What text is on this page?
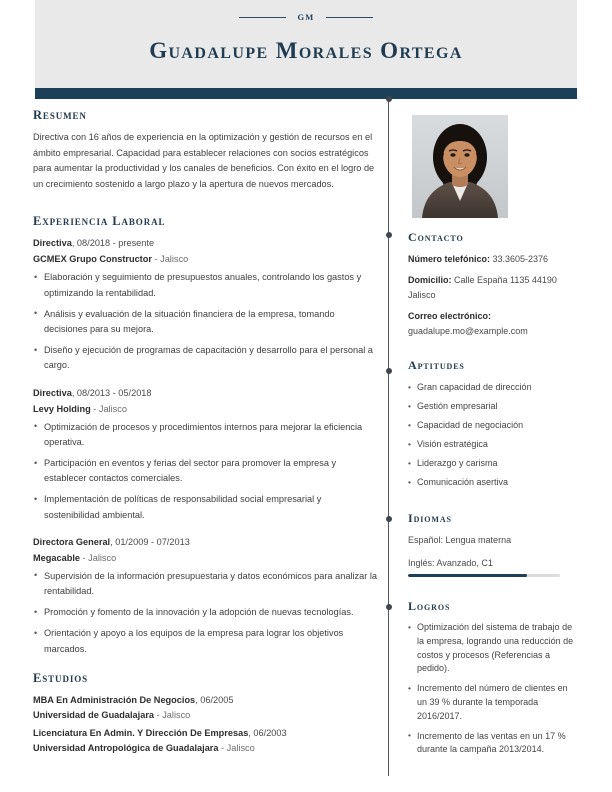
GM
Guadalupe Morales Ortega
Resumen

Directiva con 16 años de experiencia en la optimización y gestión de recursos en el ámbito empresarial. Capacidad para establecer relaciones con socios estratégicos para aumentar la productividad y los canales de beneficios. Con éxito en el logro de un crecimiento sostenido a largo plazo y la apertura de nuevos mercados.

Experiencia Laboral
Directiva, 08/2018 - presente
GCMEX Grupo Constructor - Jalisco
• Elaboración y seguimiento de presupuestos anuales, controlando los gastos y optimizando la rentabilidad.
• Análisis y evaluación de la situación financiera de la empresa, tomando decisiones para su mejora.
• Diseño y ejecución de programas de capacitación y desarrollo para el personal a cargo.
Directiva, 08/2013 - 05/2018
Levy Holding - Jalisco
• Optimización de procesos y procedimientos internos para mejorar la eficiencia operativa.
• Participación en eventos y ferias del sector para promover la empresa y establecer contactos comerciales.
• Implementación de políticas de responsabilidad social empresarial y sostenibilidad ambiental.
Directora General, 01/2009 - 07/2013
Megacable - Jalisco
• Supervisión de la información presupuestaria y datos económicos para analizar la rentabilidad.
• Promoción y fomento de la innovación y la adopción de nuevas tecnologías.
• Orientación y apoyo a los equipos de la empresa para lograr los objetivos marcados.
Estudios
MBA En Administración De Negocios, 06/2005
Universidad de Guadalajara - Jalisco
Licenciatura En Admin. Y Dirección De Empresas, 06/2003
Universidad Antropológica de Guadalajara - Jalisco
Contacto
Número telefónico: 33.3605-2376
Domicilio: Calle España 1135 44190 Jalisco
Correo electrónico:
guadalupe.mo@example.com
Aptitudes
• Gran capacidad de dirección
• Gestión empresarial
• Capacidad de negociación
• Visión estratégica
• Liderazgo y carisma
• Comunicación asertiva
Idiomas
Español: Lengua materna
Inglés: Avanzado, C1
Logros
• Optimización del sistema de trabajo de la empresa, logrando una reducción de costos y procesos (Referencias a pedido).
• Incremento del número de clientes en un 39 % durante la temporada 2016/2017.
• Incremento de las ventas en un 17 % durante la campaña 2013/2014.
